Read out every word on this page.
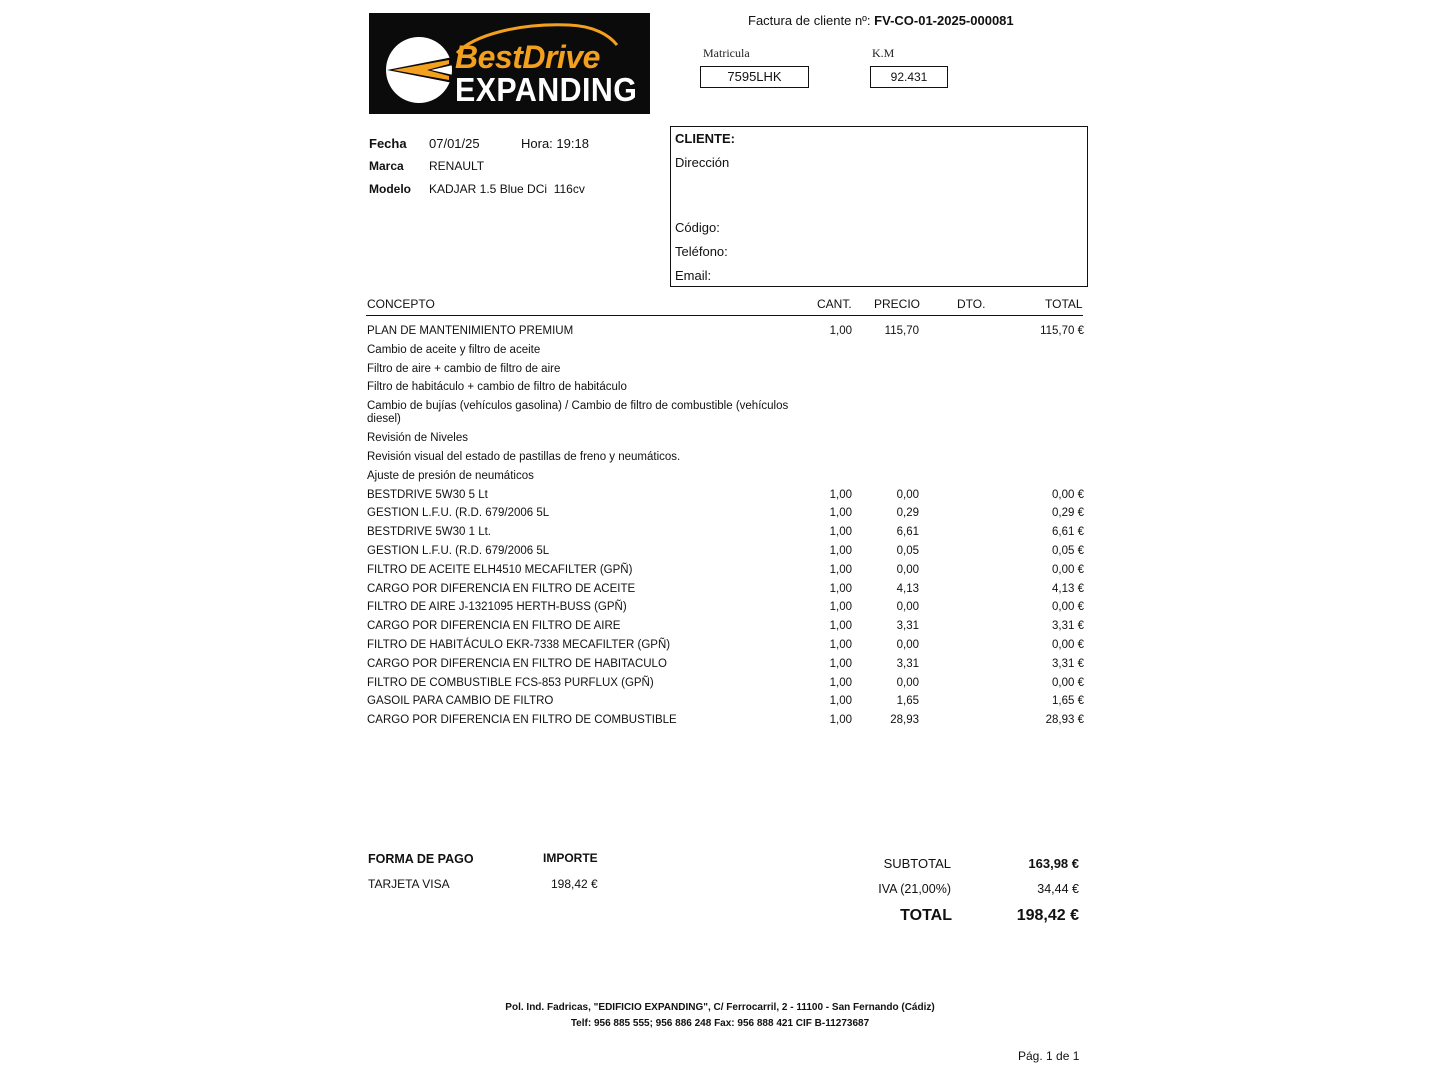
BestDrive
EXPANDING
Factura de cliente nº: FV-CO-01-2025-000081
Matricula
7595LHK
K.M
92.431
Fecha 07/01/25	Hora: 19:18
Marca RENAULT
Modelo KADJAR 1.5 Blue DCi  116cv
CLIENTE:
Dirección
Código:
Teléfono:
Email:
CONCEPTO	CANT. PRECIO	DTO.	TOTAL
PLAN DE MANTENIMIENTO PREMIUM	1,00	115,70	115,70 €
Cambio de aceite y filtro de aceite
Filtro de aire + cambio de filtro de aire
Filtro de habitáculo + cambio de filtro de habitáculo
Cambio de bujías (vehículos gasolina) / Cambio de filtro de combustible (vehículos diesel)
Revisión de Niveles
Revisión visual del estado de pastillas de freno y neumáticos.
Ajuste de presión de neumáticos
BESTDRIVE 5W30 5 Lt	1,00	0,00	0,00 €
GESTION L.F.U. (R.D. 679/2006 5L	1,00	0,29	0,29 €
BESTDRIVE 5W30 1 Lt.	1,00	6,61	6,61 €
GESTION L.F.U. (R.D. 679/2006 5L	1,00	0,05	0,05 €
FILTRO DE ACEITE ELH4510 MECAFILTER (GPÑ)	1,00	0,00	0,00 €
CARGO POR DIFERENCIA EN FILTRO DE ACEITE	1,00	4,13	4,13 €
FILTRO DE AIRE J-1321095 HERTH-BUSS (GPÑ)	1,00	0,00	0,00 €
CARGO POR DIFERENCIA EN FILTRO DE AIRE	1,00	3,31	3,31 €
FILTRO DE HABITÁCULO EKR-7338 MECAFILTER (GPÑ)	1,00	0,00	0,00 €
CARGO POR DIFERENCIA EN FILTRO DE HABITACULO	1,00	3,31	3,31 €
FILTRO DE COMBUSTIBLE FCS-853 PURFLUX (GPÑ)	1,00	0,00	0,00 €
GASOIL PARA CAMBIO DE FILTRO	1,00	1,65	1,65 €
CARGO POR DIFERENCIA EN FILTRO DE COMBUSTIBLE	1,00	28,93	28,93 €
FORMA DE PAGO	IMPORTE
TARJETA VISA	198,42 €
SUBTOTAL	163,98 €
IVA (21,00%)	34,44 €
TOTAL	198,42 €
Pol. Ind. Fadricas, "EDIFICIO EXPANDING", C/ Ferrocarril, 2 - 11100 - San Fernando (Cádiz)
Telf: 956 885 555; 956 886 248 Fax: 956 888 421 CIF B-11273687
Pág. 1 de 1
